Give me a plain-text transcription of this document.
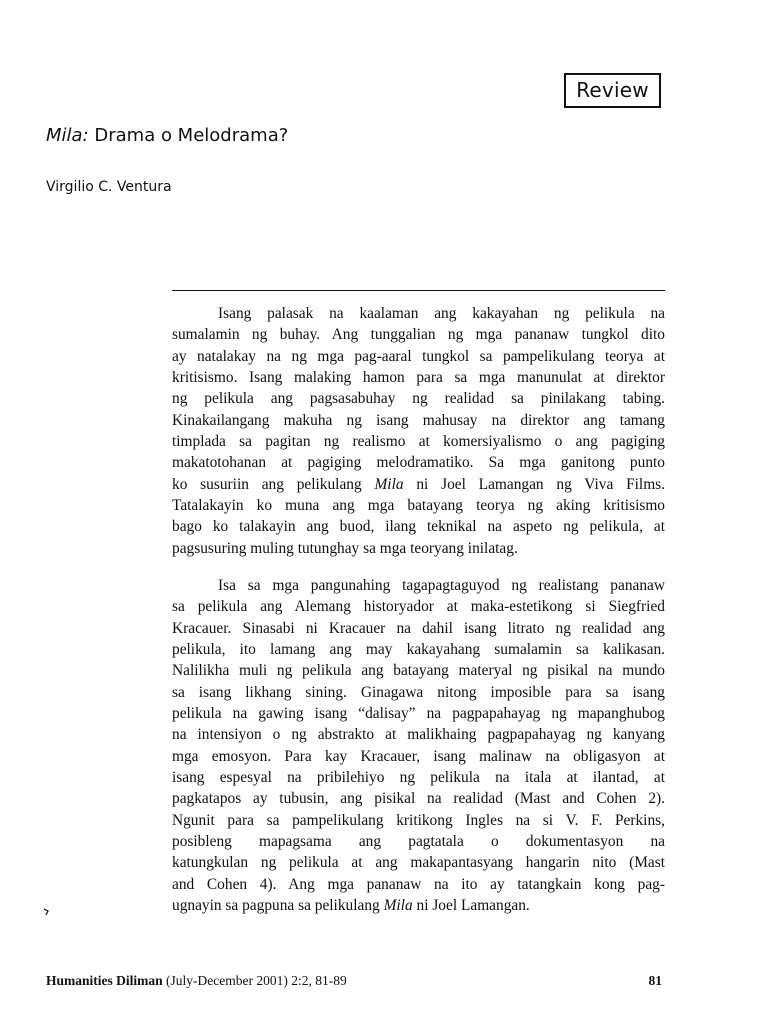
Review
Mila: Drama o Melodrama?

Virgilio C. Ventura

Isang palasak na kaalaman ang kakayahan ng pelikula na
sumalamin ng buhay. Ang tunggalian ng mga pananaw tungkol dito
ay natalakay na ng mga pag-aaral tungkol sa pampelikulang teorya at
kritisismo. Isang malaking hamon para sa mga manunulat at direktor
ng pelikula ang pagsasabuhay ng realidad sa pinilakang tabing.
Kinakailangang makuha ng isang mahusay na direktor ang tamang
timplada sa pagitan ng realismo at komersiyalismo o ang pagiging
makatotohanan at pagiging melodramatiko. Sa mga ganitong punto
ko susuriin ang pelikulang Mila ni Joel Lamangan ng Viva Films.
Tatalakayin ko muna ang mga batayang teorya ng aking kritisismo
bago ko talakayin ang buod, ilang teknikal na aspeto ng pelikula, at
pagsusuring muling tutunghay sa mga teoryang inilatag.
Isa sa mga pangunahing tagapagtaguyod ng realistang pananaw
sa pelikula ang Alemang historyador at maka-estetikong si Siegfried
Kracauer. Sinasabi ni Kracauer na dahil isang litrato ng realidad ang
pelikula, ito lamang ang may kakayahang sumalamin sa kalikasan.
Nalilikha muli ng pelikula ang batayang materyal ng pisikal na mundo
sa isang likhang sining. Ginagawa nitong imposible para sa isang
pelikula na gawing isang “dalisay” na pagpapahayag ng mapanghubog
na intensiyon o ng abstrakto at malikhaing pagpapahayag ng kanyang
mga emosyon. Para kay Kracauer, isang malinaw na obligasyon at
isang espesyal na pribilehiyo ng pelikula na itala at ilantad, at
pagkatapos ay tubusin, ang pisikal na realidad (Mast and Cohen 2).
Ngunit para sa pampelikulang kritikong Ingles na si V. F. Perkins,
posibleng mapagsama ang pagtatala o dokumentasyon na
katungkulan ng pelikula at ang makapantasyang hangarin nito (Mast
and Cohen 4). Ang mga pananaw na ito ay tatangkain kong pag-
ugnayin sa pagpuna sa pelikulang Mila ni Joel Lamangan.
Humanities Diliman (July-December 2001) 2:2, 81-89	81
